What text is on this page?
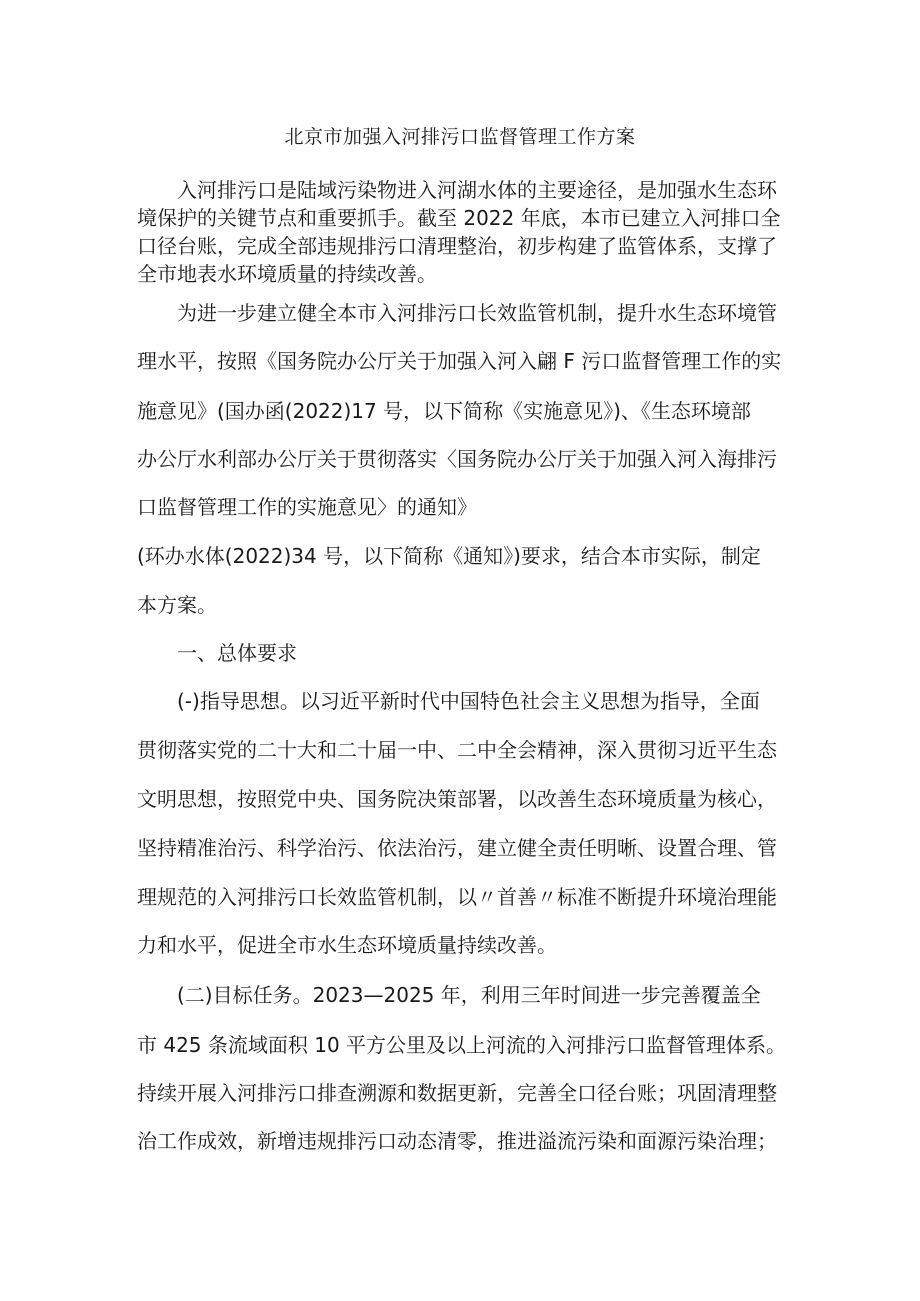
北京市加强入河排污口监督管理工作方案
入河排污口是陆域污染物进入河湖水体的主要途径，是加强水生态环
境保护的关键节点和重要抓手。截至 2022 年底，本市已建立入河排口全
口径台账，完成全部违规排污口清理整治，初步构建了监管体系，支撑了
全市地表水环境质量的持续改善。
为进一步建立健全本市入河排污口长效监管机制，提升水生态环境管
理水平，按照《国务院办公厅关于加强入河入翩 F 污口监督管理工作的实
施意见》(国办函(2022)17 号，以下简称《实施意见》)、《生态环境部
办公厅水利部办公厅关于贯彻落实〈国务院办公厅关于加强入河入海排污
口监督管理工作的实施意见〉的通知》
(环办水体(2022)34 号，以下简称《通知》)要求，结合本市实际，制定
本方案。
一、总体要求
(-)指导思想。以习近平新时代中国特色社会主义思想为指导，全面
贯彻落实党的二十大和二十届一中、二中全会精神，深入贯彻习近平生态
文明思想，按照党中央、国务院决策部署，以改善生态环境质量为核心，
坚持精准治污、科学治污、依法治污，建立健全责任明晰、设置合理、管
理规范的入河排污口长效监管机制，以〃首善〃标准不断提升环境治理能
力和水平，促进全市水生态环境质量持续改善。
(二)目标任务。2023—2025 年，利用三年时间进一步完善覆盖全
市 425 条流域面积 10 平方公里及以上河流的入河排污口监督管理体系。
持续开展入河排污口排查溯源和数据更新，完善全口径台账；巩固清理整
治工作成效，新增违规排污口动态清零，推进溢流污染和面源污染治理；
